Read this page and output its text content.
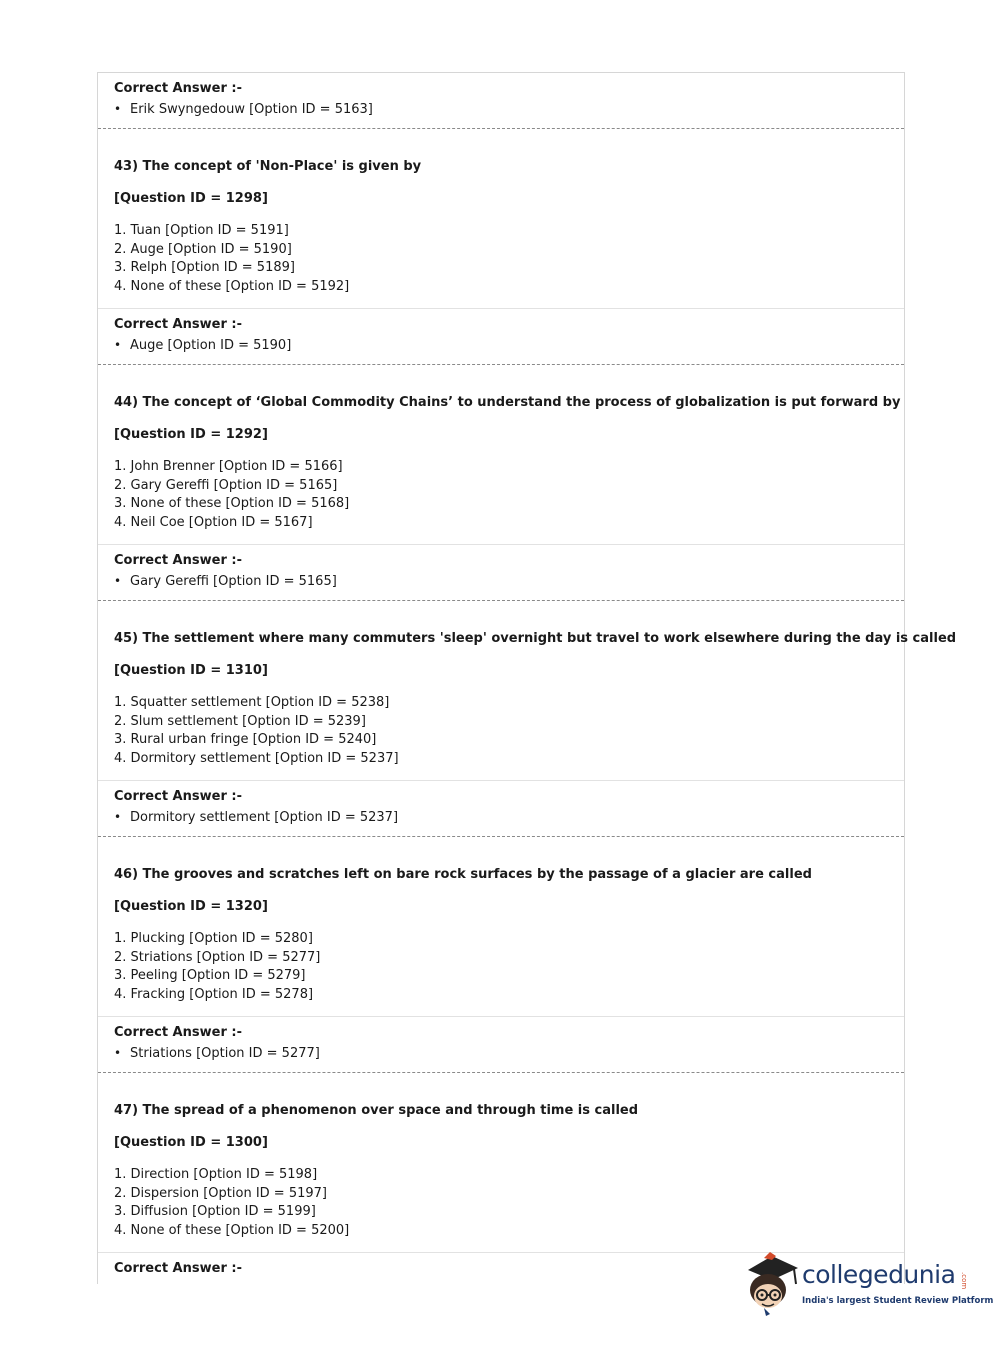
Correct Answer :-
• Erik Swyngedouw [Option ID = 5163]
43) The concept of 'Non-Place' is given by
[Question ID = 1298]
1. Tuan [Option ID = 5191]
2. Auge [Option ID = 5190]
3. Relph [Option ID = 5189]
4. None of these [Option ID = 5192]
Correct Answer :-
• Auge [Option ID = 5190]
44) The concept of ‘Global Commodity Chains’ to understand the process of globalization is put forward by
[Question ID = 1292]
1. John Brenner [Option ID = 5166]
2. Gary Gereffi [Option ID = 5165]
3. None of these [Option ID = 5168]
4. Neil Coe [Option ID = 5167]
Correct Answer :-
• Gary Gereffi [Option ID = 5165]
45) The settlement where many commuters 'sleep' overnight but travel to work elsewhere during the day is called
[Question ID = 1310]
1. Squatter settlement [Option ID = 5238]
2. Slum settlement [Option ID = 5239]
3. Rural urban fringe [Option ID = 5240]
4. Dormitory settlement [Option ID = 5237]
Correct Answer :-
• Dormitory settlement [Option ID = 5237]
46) The grooves and scratches left on bare rock surfaces by the passage of a glacier are called
[Question ID = 1320]
1. Plucking [Option ID = 5280]
2. Striations [Option ID = 5277]
3. Peeling [Option ID = 5279]
4. Fracking [Option ID = 5278]
Correct Answer :-
• Striations [Option ID = 5277]
47) The spread of a phenomenon over space and through time is called
[Question ID = 1300]
1. Direction [Option ID = 5198]
2. Dispersion [Option ID = 5197]
3. Diffusion [Option ID = 5199]
4. None of these [Option ID = 5200]
Correct Answer :-	collegedunia .com
India's largest Student Review Platform
